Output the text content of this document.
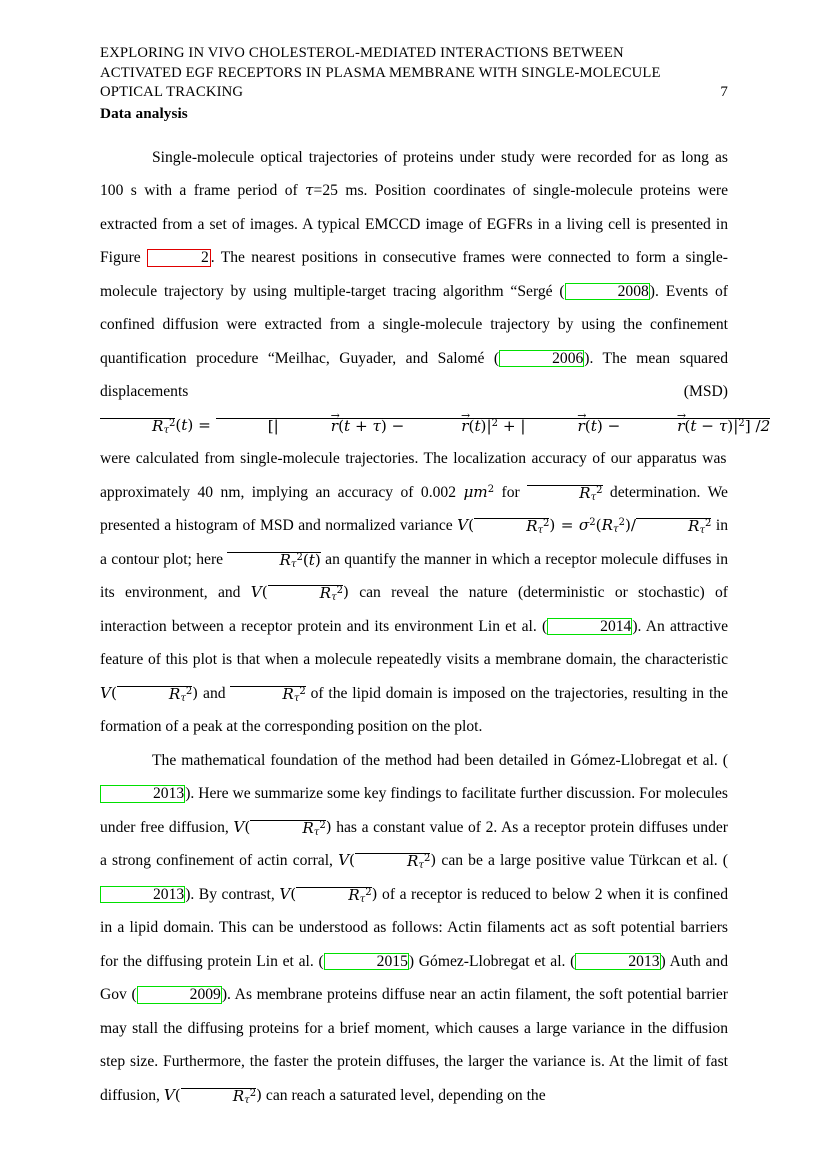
EXPLORING IN VIVO CHOLESTEROL-MEDIATED INTERACTIONS BETWEEN
ACTIVATED EGF RECEPTORS IN PLASMA MEMBRANE WITH SINGLE-MOLECULE
OPTICAL TRACKING	7
Data analysis

Single-molecule optical trajectories of proteins under study were recorded for as long as 100 s with a frame period of τ=25 ms. Position coordinates of single-molecule proteins were extracted from a set of images. A typical EMCCD image of EGFRs in a living cell is presented in Figure	2 . The nearest positions in consecutive frames were connected to form a single-molecule trajectory by using multiple-target tracing algorithm “Sergé (	2008). Events of confined diffusion were extracted from a single-molecule trajectory by using the confinement quantification procedure “Meilhac, Guyader, and Salomé (	2006). The mean squared displacements (MSD) $R_\tau^2(t)$ =	[|	r →(t + τ) −	$r \to(t)|^2$ + |	r →(t) −	$r \to(t - \tau)|^2$] /2 were calculated from single-molecule trajectories. The localization accuracy of our apparatus was approximately 40 nm, implying an accuracy of 0.002 $\mu m^2$ for	$R_\tau^2$ determination. We presented a histogram of MSD and normalized variance V(	$R_\tau^2) = \sigma^2(R_\tau^2)/$	$R_\tau^2$ in a contour plot; here	$R_\tau^2(t)$ an quantify the manner in which a receptor molecule diffuses in its environment, and V(	$R_\tau^2$) can reveal the nature (deterministic or stochastic) of interaction between a receptor protein and its environment Lin et al. (	2014). An attractive feature of this plot is that when a molecule repeatedly visits a membrane domain, the characteristic V(	$R_\tau^2$) and	$R_\tau^2$ of the lipid domain is imposed on the trajectories, resulting in the formation of a peak at the corresponding position on the plot.

The mathematical foundation of the method had been detailed in Gómez-Llobregat et al. (2013). Here we summarize some key findings to facilitate further discussion. For molecules under free diffusion, V(	$R_\tau^2$) has a constant value of 2. As a receptor protein diffuses under a strong confinement of actin corral, V(	$R_\tau^2$) can be a large positive value Türkcan et al. (2013). By contrast, V(	$R_\tau^2$) of a receptor is reduced to below 2 when it is confined in a lipid domain. This can be understood as follows: Actin filaments act as soft potential barriers for the diffusing protein Lin et al. (	2015) Gómez-Llobregat et al. (	2013) Auth and Gov (	2009). As membrane proteins diffuse near an actin filament, the soft potential barrier may stall the diffusing proteins for a brief moment, which causes a large variance in the diffusion step size. Furthermore, the faster the protein diffuses, the larger the variance is. At the limit of fast diffusion, V(	$R_\tau^2$) can reach a saturated level, depending on the
